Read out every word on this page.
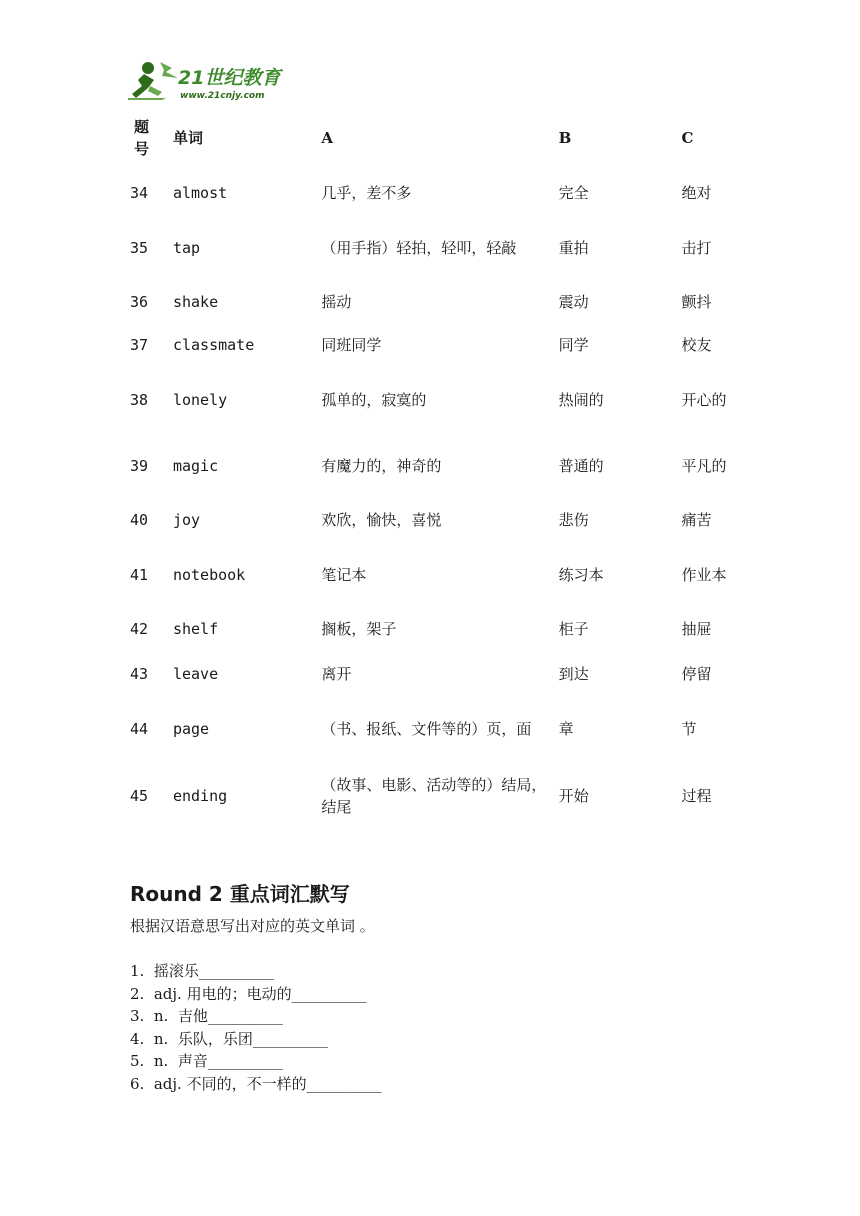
21世纪教育
www.21cnjy.com
题号	单词	A	B	C
34	almost	几乎，差不多	完全	绝对
35	tap	（用手指）轻拍，轻叩，轻敲	重拍	击打
36	shake	摇动	震动	颤抖
37	classmate	同班同学	同学	校友
38	lonely	孤单的，寂寞的	热闹的	开心的
39	magic	有魔力的，神奇的	普通的	平凡的
40	joy	欢欣，愉快，喜悦	悲伤	痛苦
41	notebook	笔记本	练习本	作业本
42	shelf	搁板，架子	柜子	抽屉
43	leave	离开	到达	停留
44	page	（书、报纸、文件等的）页，面	章	节
45	ending	（故事、电影、活动等的）结局，结尾	开始	过程
Round 2 重点词汇默写

根据汉语意思写出对应的英文单词 。

1.  摇滚乐__________
2.  adj. 用电的；电动的__________
3.  n.  吉他__________
4.  n.  乐队，乐团__________
5.  n.  声音__________
6.  adj. 不同的，不一样的__________
